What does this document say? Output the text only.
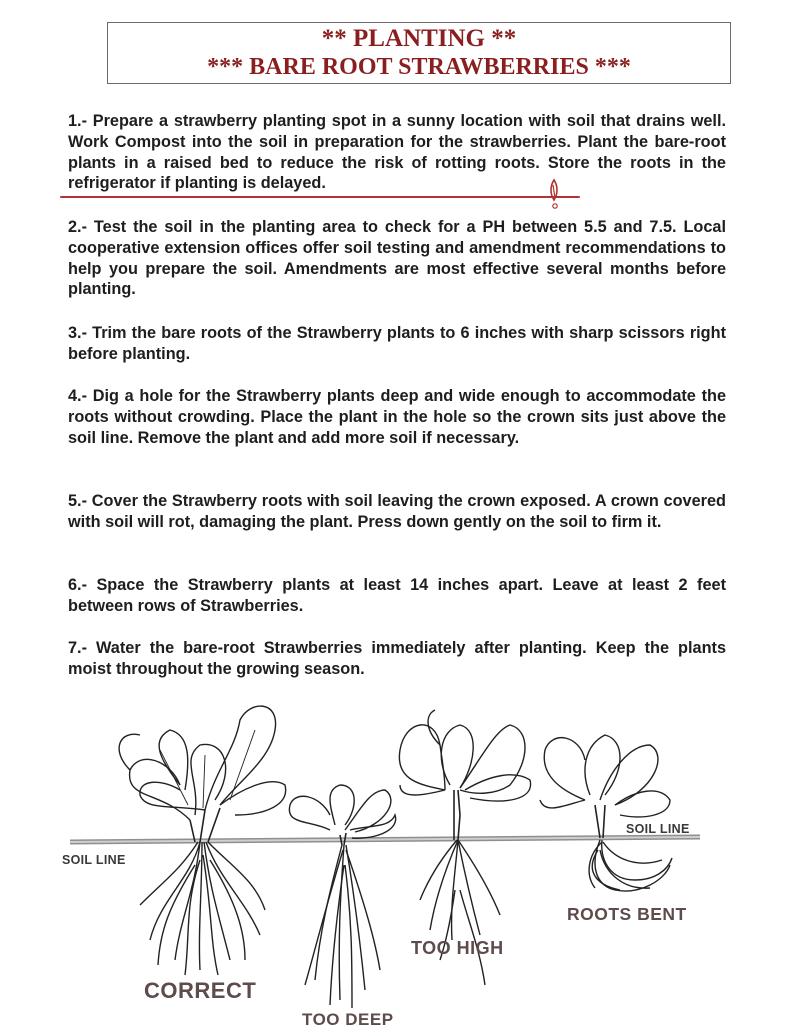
** PLANTING **
*** BARE ROOT STRAWBERRIES ***
1.- Prepare a strawberry planting spot in a sunny location with soil that drains well. Work Compost into the soil in preparation for the strawberries. Plant the bare-root plants in a raised bed to reduce the risk of rotting roots. Store the roots in the refrigerator if planting is delayed.
2.- Test the soil in the planting area to check for a PH between 5.5 and 7.5. Local cooperative extension offices offer soil testing and amendment recommendations to help you prepare the soil. Amendments are most effective several months before planting.
3.- Trim the bare roots of the Strawberry plants to 6 inches with sharp scissors right before planting.
4.- Dig a hole for the Strawberry plants deep and wide enough to accommodate the roots without crowding. Place the plant in the hole so the crown sits just above the soil line. Remove the plant and add more soil if necessary.
5.- Cover the Strawberry roots with soil leaving the crown exposed. A crown covered with soil will rot, damaging the plant. Press down gently on the soil to firm it.
6.- Space the Strawberry plants at least 14 inches apart. Leave at least 2 feet between rows of Strawberries.
7.- Water the bare-root Strawberries immediately after planting. Keep the plants moist throughout the growing season.
SOIL LINE
SOIL LINE
CORRECT
TOO DEEP
TOO HIGH
ROOTS BENT
